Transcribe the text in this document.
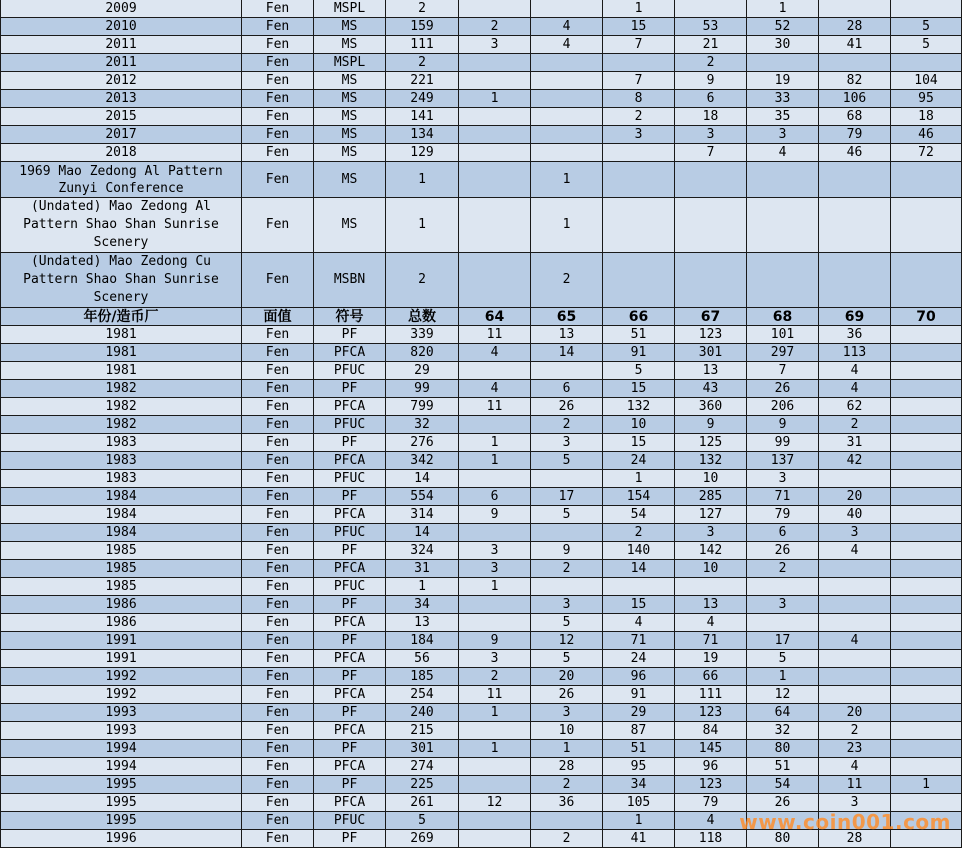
2009	Fen	MSPL	2			1		1		
2010	Fen	MS	159	2	4	15	53	52	28	5
2011	Fen	MS	111	3	4	7	21	30	41	5
2011	Fen	MSPL	2				2			
2012	Fen	MS	221			7	9	19	82	104
2013	Fen	MS	249	1		8	6	33	106	95
2015	Fen	MS	141			2	18	35	68	18
2017	Fen	MS	134			3	3	3	79	46
2018	Fen	MS	129				7	4	46	72
1969 Mao Zedong Al Pattern
Zunyi Conference	Fen	MS	1		1					
(Undated) Mao Zedong Al
Pattern Shao Shan Sunrise
Scenery	Fen	MS	1		1					
(Undated) Mao Zedong Cu
Pattern Shao Shan Sunrise
Scenery	Fen	MSBN	2		2					
年份/造币厂	面值	符号	总数	64	65	66	67	68	69	70
1981	Fen	PF	339	11	13	51	123	101	36	
1981	Fen	PFCA	820	4	14	91	301	297	113	
1981	Fen	PFUC	29			5	13	7	4	
1982	Fen	PF	99	4	6	15	43	26	4	
1982	Fen	PFCA	799	11	26	132	360	206	62	
1982	Fen	PFUC	32		2	10	9	9	2	
1983	Fen	PF	276	1	3	15	125	99	31	
1983	Fen	PFCA	342	1	5	24	132	137	42	
1983	Fen	PFUC	14			1	10	3		
1984	Fen	PF	554	6	17	154	285	71	20	
1984	Fen	PFCA	314	9	5	54	127	79	40	
1984	Fen	PFUC	14			2	3	6	3	
1985	Fen	PF	324	3	9	140	142	26	4	
1985	Fen	PFCA	31	3	2	14	10	2		
1985	Fen	PFUC	1	1						
1986	Fen	PF	34		3	15	13	3		
1986	Fen	PFCA	13		5	4	4			
1991	Fen	PF	184	9	12	71	71	17	4	
1991	Fen	PFCA	56	3	5	24	19	5		
1992	Fen	PF	185	2	20	96	66	1		
1992	Fen	PFCA	254	11	26	91	111	12		
1993	Fen	PF	240	1	3	29	123	64	20	
1993	Fen	PFCA	215		10	87	84	32	2	
1994	Fen	PF	301	1	1	51	145	80	23	
1994	Fen	PFCA	274		28	95	96	51	4	
1995	Fen	PF	225		2	34	123	54	11	1
1995	Fen	PFCA	261	12	36	105	79	26	3	
1995	Fen	PFUC	5			1	4			
1996	Fen	PF	269		2	41	118	80	28	
www.coin001.com
